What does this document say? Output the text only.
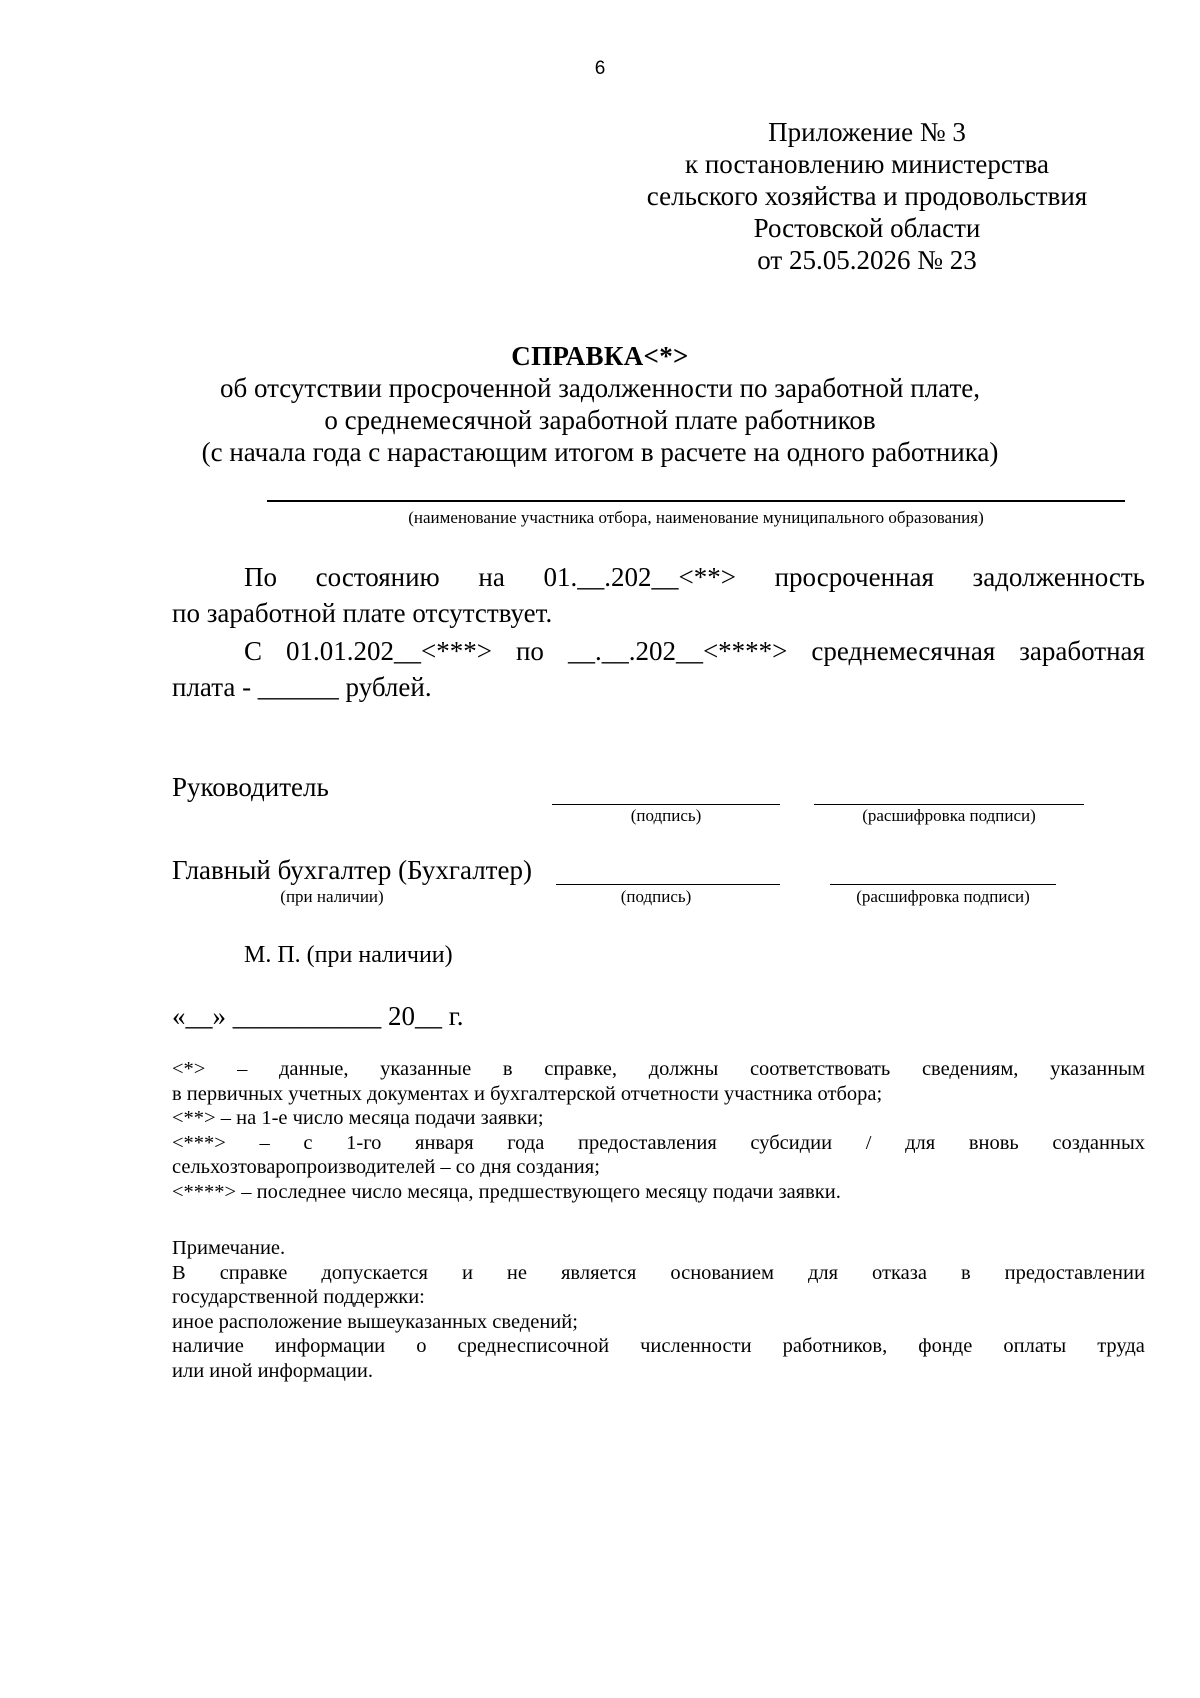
6
Приложение № 3
к постановлению министерства
сельского хозяйства и продовольствия
Ростовской области
от 25.05.2026 № 23
СПРАВКА<*>
об отсутствии просроченной задолженности по заработной плате,
о среднемесячной заработной плате работников
(с начала года с нарастающим итогом в расчете на одного работника)
(наименование участника отбора, наименование муниципального образования)
По состоянию на 01.__.202__<**> просроченная задолженность
по заработной плате отсутствует.
С 01.01.202__<***> по __.__.202__<****> среднемесячная заработная
плата - ______ рублей.
Руководитель
(подпись)	(расшифровка подписи)
Главный бухгалтер (Бухгалтер)
(при наличии)	(подпись)	(расшифровка подписи)
М. П. (при наличии)
«__» ___________ 20__ г.
<*> – данные, указанные в справке, должны соответствовать сведениям, указанным
в первичных учетных документах и бухгалтерской отчетности участника отбора;
<**> – на 1-е число месяца подачи заявки;
<***> – с 1-го января года предоставления субсидии / для вновь созданных
сельхозтоваропроизводителей – со дня создания;
<****> – последнее число месяца, предшествующего месяцу подачи заявки.
Примечание.
В справке допускается и не является основанием для отказа в предоставлении
государственной поддержки:
иное расположение вышеуказанных сведений;
наличие информации о среднесписочной численности работников, фонде оплаты труда
или иной информации.
